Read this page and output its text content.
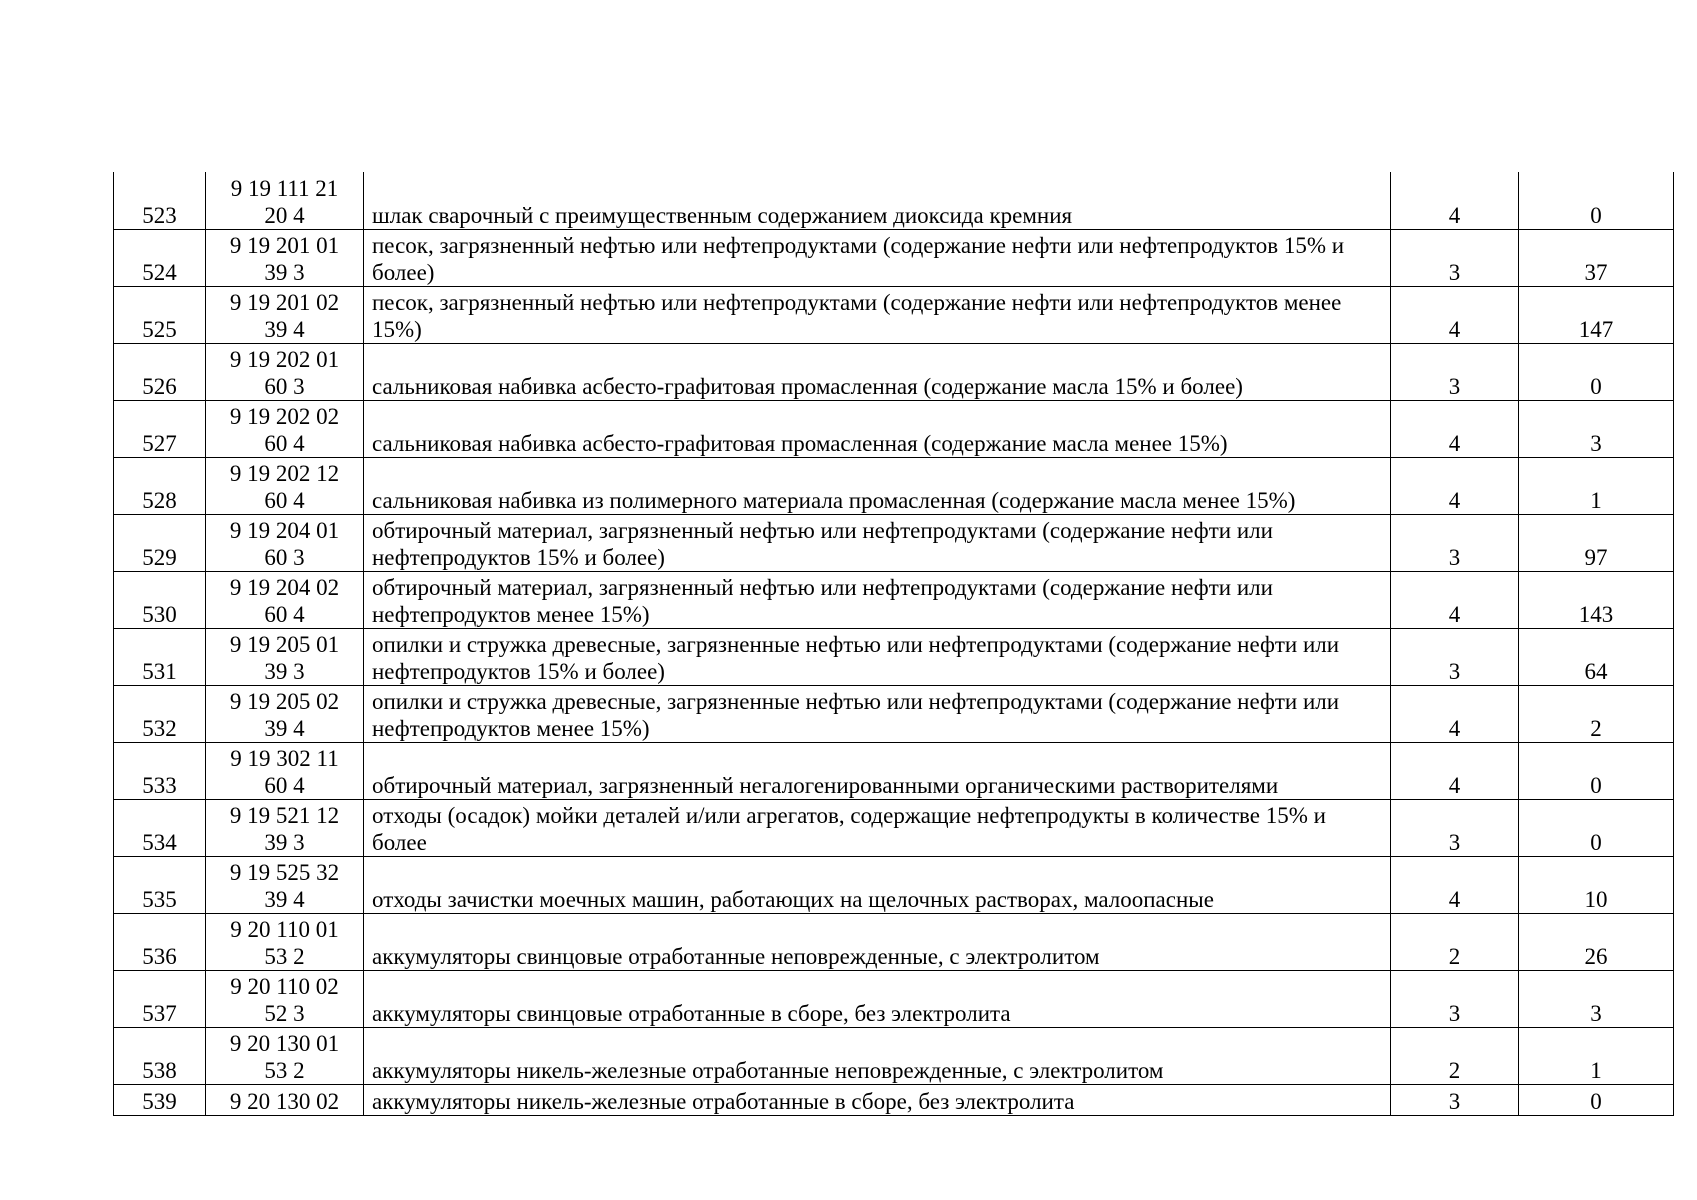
523	9 19 111 21
20 4	шлак сварочный с преимущественным содержанием диоксида кремния	4	0
524	9 19 201 01
39 3	песок, загрязненный нефтью или нефтепродуктами (содержание нефти или нефтепродуктов 15% и более)	3	37
525	9 19 201 02
39 4	песок, загрязненный нефтью или нефтепродуктами (содержание нефти или нефтепродуктов менее 15%)	4	147
526	9 19 202 01
60 3	сальниковая набивка асбесто-графитовая промасленная (содержание масла 15% и более)	3	0
527	9 19 202 02
60 4	сальниковая набивка асбесто-графитовая промасленная (содержание масла менее 15%)	4	3
528	9 19 202 12
60 4	сальниковая набивка из полимерного материала промасленная (содержание масла менее 15%)	4	1
529	9 19 204 01
60 3	обтирочный материал, загрязненный нефтью или нефтепродуктами (содержание нефти или нефтепродуктов 15% и более)	3	97
530	9 19 204 02
60 4	обтирочный материал, загрязненный нефтью или нефтепродуктами (содержание нефти или нефтепродуктов менее 15%)	4	143
531	9 19 205 01
39 3	опилки и стружка древесные, загрязненные нефтью или нефтепродуктами (содержание нефти или нефтепродуктов 15% и более)	3	64
532	9 19 205 02
39 4	опилки и стружка древесные, загрязненные нефтью или нефтепродуктами (содержание нефти или нефтепродуктов менее 15%)	4	2
533	9 19 302 11
60 4	обтирочный материал, загрязненный негалогенированными органическими растворителями	4	0
534	9 19 521 12
39 3	отходы (осадок) мойки деталей и/или агрегатов, содержащие нефтепродукты в количестве 15% и более	3	0
535	9 19 525 32
39 4	отходы зачистки моечных машин, работающих на щелочных растворах, малоопасные	4	10
536	9 20 110 01
53 2	аккумуляторы свинцовые отработанные неповрежденные, с электролитом	2	26
537	9 20 110 02
52 3	аккумуляторы свинцовые отработанные в сборе, без электролита	3	3
538	9 20 130 01
53 2	аккумуляторы никель-железные отработанные неповрежденные, с электролитом	2	1
539	9 20 130 02	аккумуляторы никель-железные отработанные в сборе, без электролита	3	0
